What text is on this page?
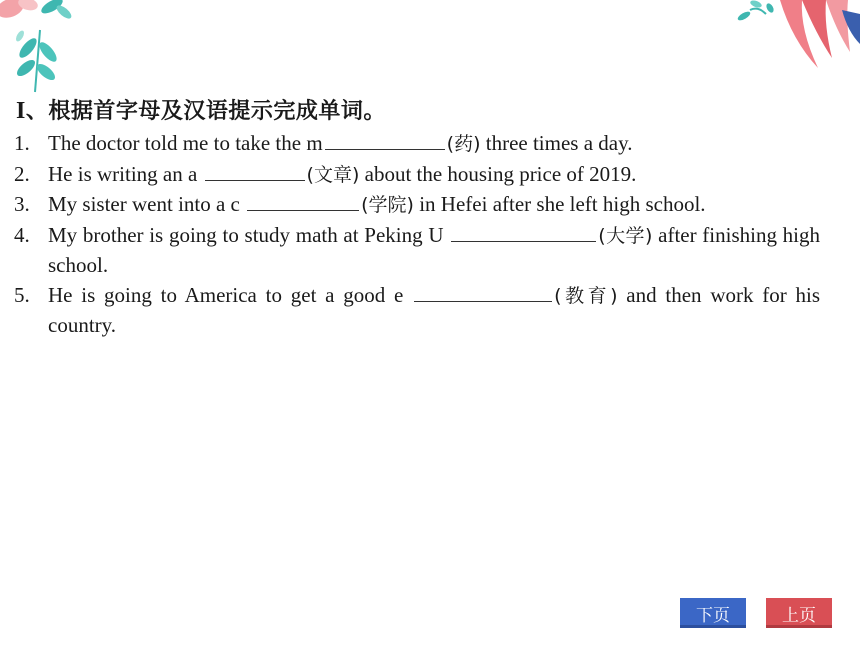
I、根据首字母及汉语提示完成单词。
1. The doctor told me to take the m	(药) three times a day.
2. He is writing an a	(文章) about the housing price of 2019.
3. My sister went into a c	(学院) in Hefei after she left high school.
4. My brother is going to study math at Peking U	(大学) after finishing high school.
5. He is going to America to get a good e	(教育) and then work for his country.
下页	上页
